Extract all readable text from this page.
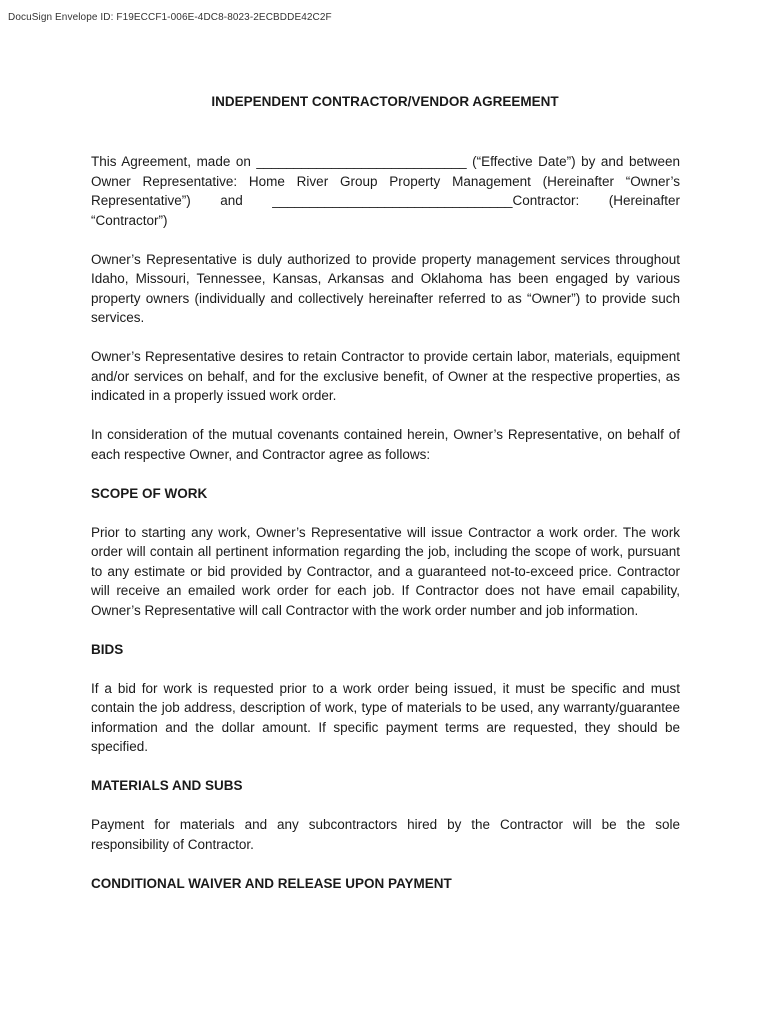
DocuSign Envelope ID: F19ECCF1-006E-4DC8-8023-2ECBDDE42C2F
INDEPENDENT CONTRACTOR/VENDOR AGREEMENT
This Agreement, made on ____________________________ (“Effective Date”) by and between Owner Representative: Home River Group Property Management (Hereinafter “Owner’s Representative”) and ________________________________Contractor: (Hereinafter
“Contractor”)
Owner’s Representative is duly authorized to provide property management services throughout Idaho, Missouri, Tennessee, Kansas, Arkansas and Oklahoma has been engaged by various property owners (individually and collectively hereinafter referred to as “Owner”) to provide such services.
Owner’s Representative desires to retain Contractor to provide certain labor, materials, equipment and/or services on behalf, and for the exclusive benefit, of Owner at the respective properties, as indicated in a properly issued work order.
In consideration of the mutual covenants contained herein, Owner’s Representative, on behalf of each respective Owner, and Contractor agree as follows:
SCOPE OF WORK
Prior to starting any work, Owner’s Representative will issue Contractor a work order. The work order will contain all pertinent information regarding the job, including the scope of work, pursuant to any estimate or bid provided by Contractor, and a guaranteed not-to-exceed price. Contractor will receive an emailed work order for each job. If Contractor does not have email capability, Owner’s Representative will call Contractor with the work order number and job information.
BIDS
If a bid for work is requested prior to a work order being issued, it must be specific and must contain the job address, description of work, type of materials to be used, any warranty/guarantee information and the dollar amount. If specific payment terms are requested, they should be specified.
MATERIALS AND SUBS
Payment for materials and any subcontractors hired by the Contractor will be the sole responsibility of Contractor.
CONDITIONAL WAIVER AND RELEASE UPON PAYMENT
